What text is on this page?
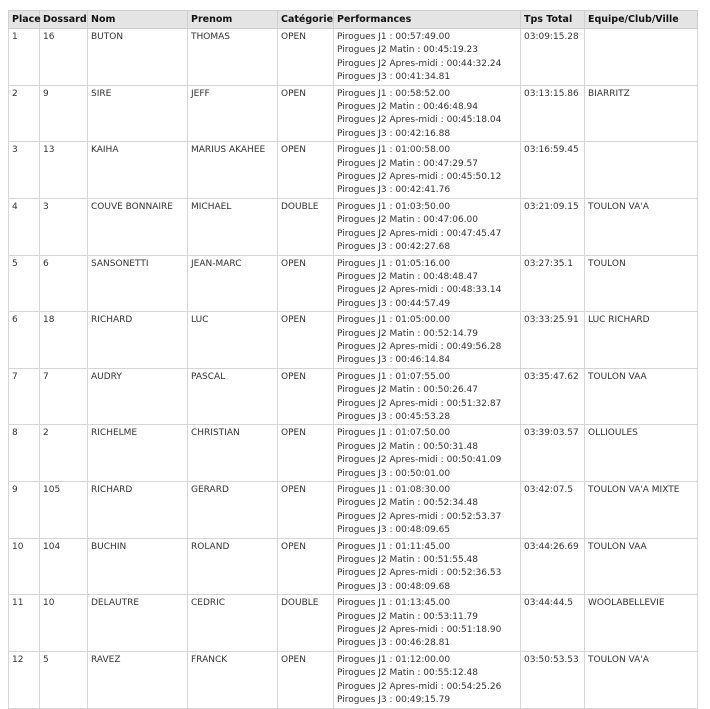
Place	Dossard	Nom	Prenom	Catégorie	Performances	Tps Total	Equipe/Club/Ville
1	16	BUTON	THOMAS	OPEN	Pirogues J1 : 00:57:49.00
Pirogues J2 Matin : 00:45:19.23
Pirogues J2 Apres-midi : 00:44:32.24
Pirogues J3 : 00:41:34.81	03:09:15.28	
2	9	SIRE	JEFF	OPEN	Pirogues J1 : 00:58:52.00
Pirogues J2 Matin : 00:46:48.94
Pirogues J2 Apres-midi : 00:45:18.04
Pirogues J3 : 00:42:16.88	03:13:15.86	BIARRITZ
3	13	KAIHA	MARIUS AKAHEE	OPEN	Pirogues J1 : 01:00:58.00
Pirogues J2 Matin : 00:47:29.57
Pirogues J2 Apres-midi : 00:45:50.12
Pirogues J3 : 00:42:41.76	03:16:59.45	
4	3	COUVE BONNAIRE	MICHAEL	DOUBLE	Pirogues J1 : 01:03:50.00
Pirogues J2 Matin : 00:47:06.00
Pirogues J2 Apres-midi : 00:47:45.47
Pirogues J3 : 00:42:27.68	03:21:09.15	TOULON VA'A
5	6	SANSONETTI	JEAN-MARC	OPEN	Pirogues J1 : 01:05:16.00
Pirogues J2 Matin : 00:48:48.47
Pirogues J2 Apres-midi : 00:48:33.14
Pirogues J3 : 00:44:57.49	03:27:35.1	TOULON
6	18	RICHARD	LUC	OPEN	Pirogues J1 : 01:05:00.00
Pirogues J2 Matin : 00:52:14.79
Pirogues J2 Apres-midi : 00:49:56.28
Pirogues J3 : 00:46:14.84	03:33:25.91	LUC RICHARD
7	7	AUDRY	PASCAL	OPEN	Pirogues J1 : 01:07:55.00
Pirogues J2 Matin : 00:50:26.47
Pirogues J2 Apres-midi : 00:51:32.87
Pirogues J3 : 00:45:53.28	03:35:47.62	TOULON VAA
8	2	RICHELME	CHRISTIAN	OPEN	Pirogues J1 : 01:07:50.00
Pirogues J2 Matin : 00:50:31.48
Pirogues J2 Apres-midi : 00:50:41.09
Pirogues J3 : 00:50:01.00	03:39:03.57	OLLIOULES
9	105	RICHARD	GERARD	OPEN	Pirogues J1 : 01:08:30.00
Pirogues J2 Matin : 00:52:34.48
Pirogues J2 Apres-midi : 00:52:53.37
Pirogues J3 : 00:48:09.65	03:42:07.5	TOULON VA'A MIXTE
10	104	BUCHIN	ROLAND	OPEN	Pirogues J1 : 01:11:45.00
Pirogues J2 Matin : 00:51:55.48
Pirogues J2 Apres-midi : 00:52:36.53
Pirogues J3 : 00:48:09.68	03:44:26.69	TOULON VAA
11	10	DELAUTRE	CEDRIC	DOUBLE	Pirogues J1 : 01:13:45.00
Pirogues J2 Matin : 00:53:11.79
Pirogues J2 Apres-midi : 00:51:18.90
Pirogues J3 : 00:46:28.81	03:44:44.5	WOOLABELLEVIE
12	5	RAVEZ	FRANCK	OPEN	Pirogues J1 : 01:12:00.00
Pirogues J2 Matin : 00:55:12.48
Pirogues J2 Apres-midi : 00:54:25.26
Pirogues J3 : 00:49:15.79	03:50:53.53	TOULON VA'A
